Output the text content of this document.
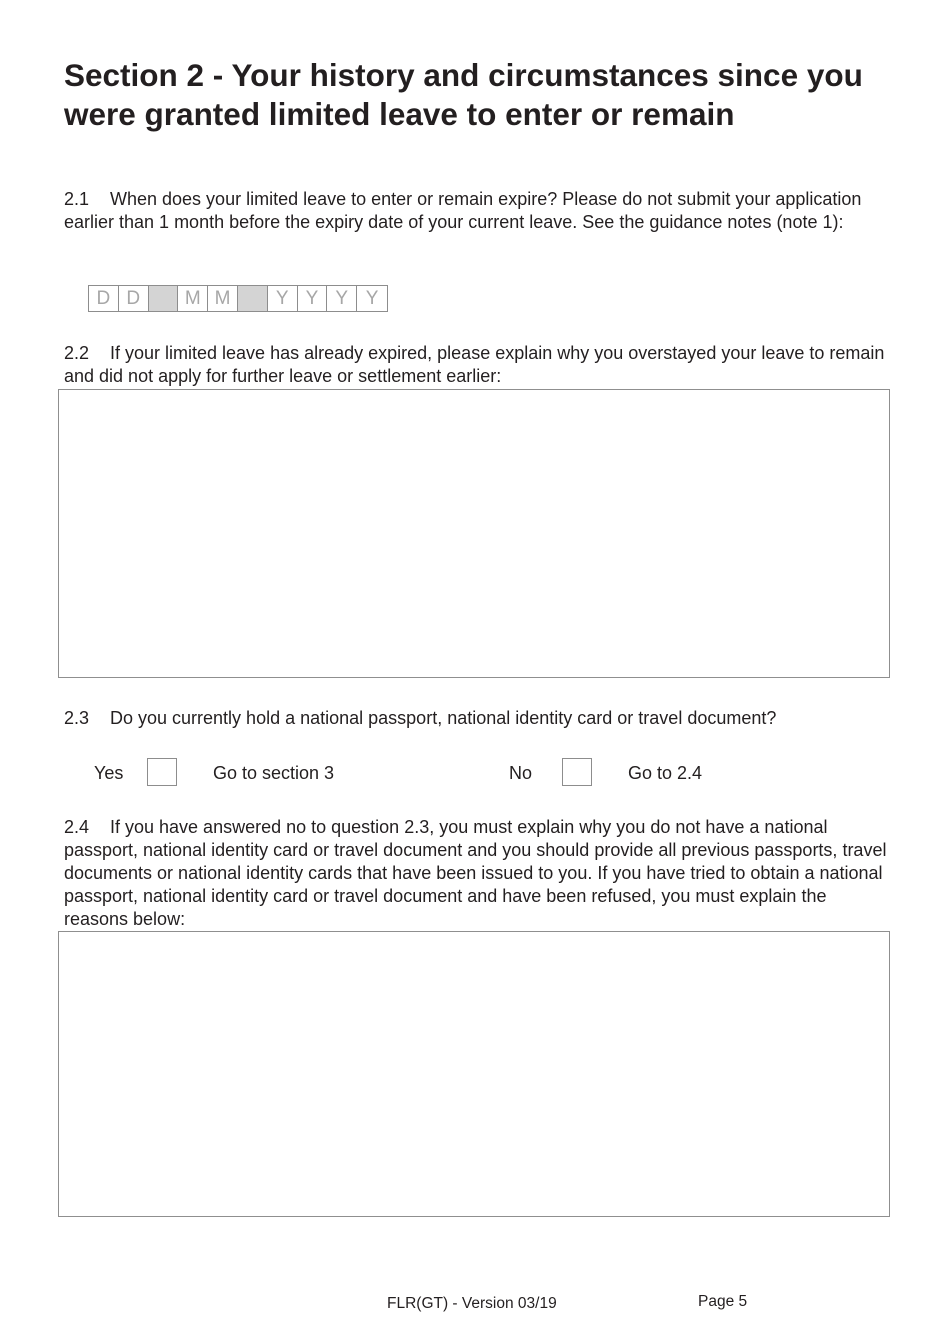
Section 2 - Your history and circumstances since you were granted limited leave to enter or remain

2.1 When does your limited leave to enter or remain expire? Please do not submit your application earlier than 1 month before the expiry date of your current leave. See the guidance notes (note 1):

D D	M M	Y Y Y Y

2.2 If your limited leave has already expired, please explain why you overstayed your leave to remain and did not apply for further leave or settlement earlier:

2.3 Do you currently hold a national passport, national identity card or travel document?

Yes	Go to section 3	No	Go to 2.4

2.4 If you have answered no to question 2.3, you must explain why you do not have a national passport, national identity card or travel document and you should provide all previous passports, travel documents or national identity cards that have been issued to you. If you have tried to obtain a national passport, national identity card or travel document and have been refused, you must explain the reasons below:

FLR(GT) - Version 03/19	Page 5
